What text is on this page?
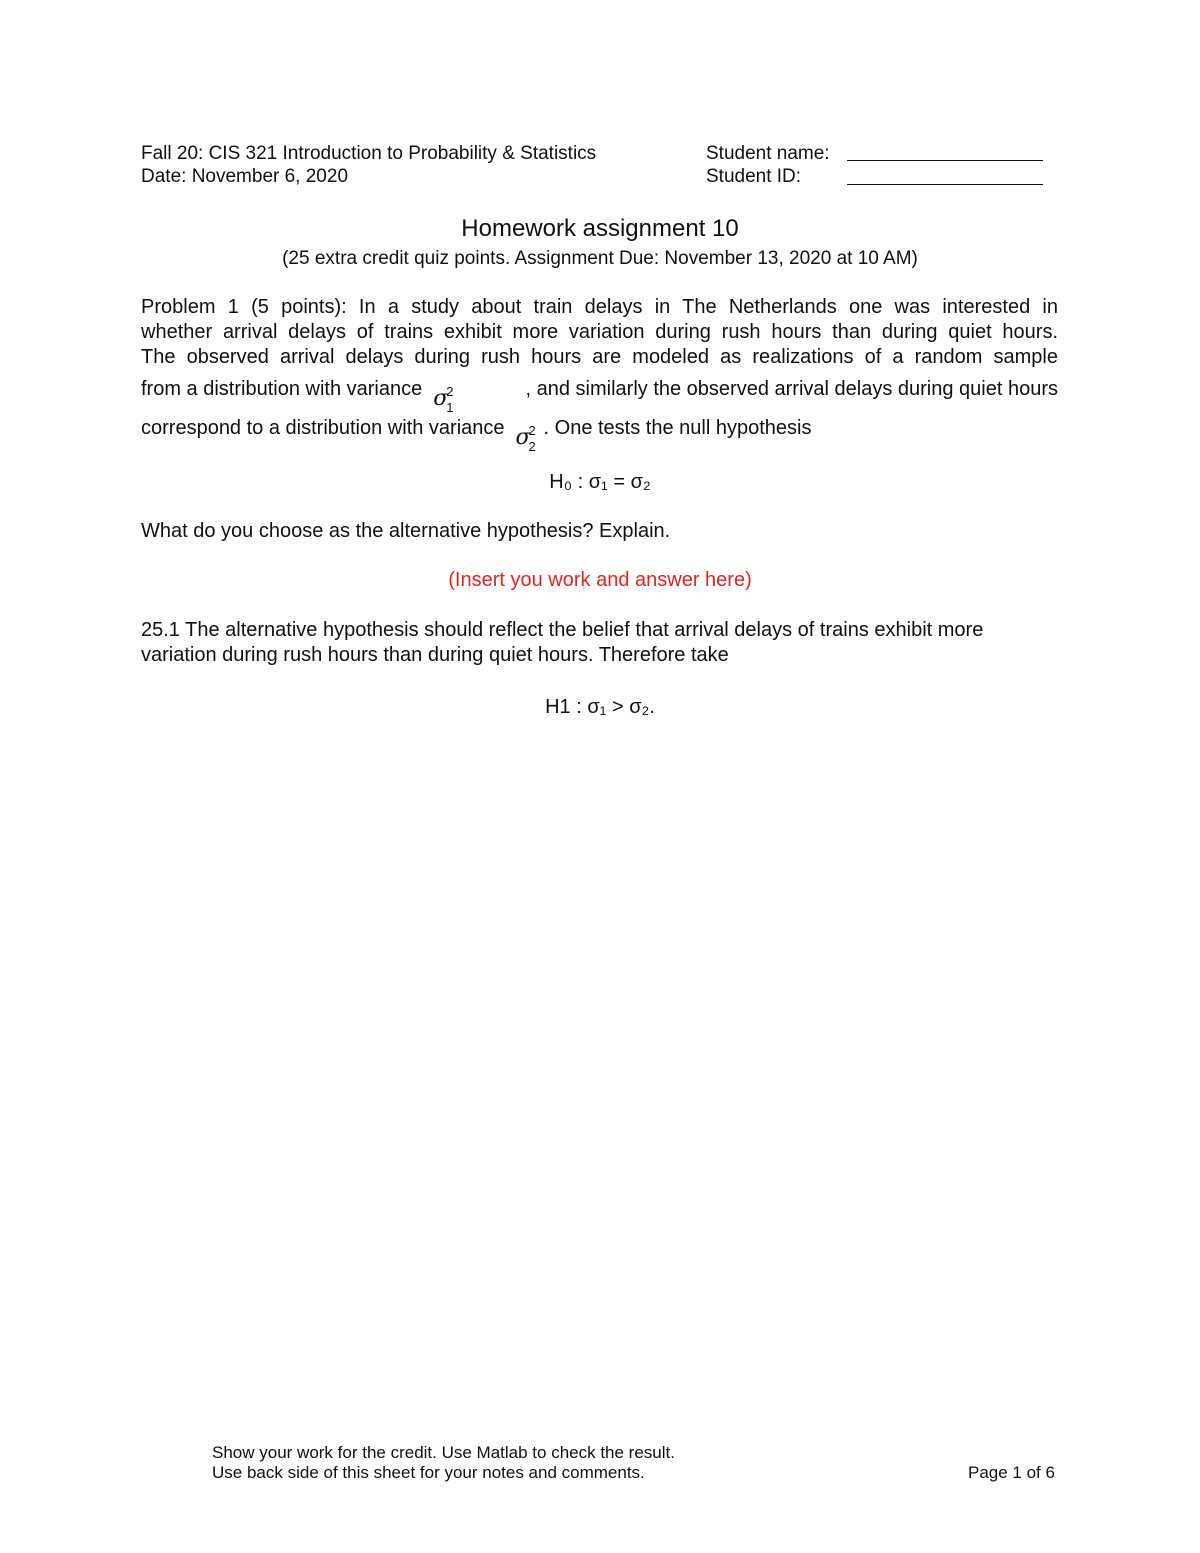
Fall 20: CIS 321 Introduction to Probability & Statistics
Date: November 6, 2020
Student name:
Student ID:
Homework assignment 10
(25 extra credit quiz points. Assignment Due: November 13, 2020 at 10 AM)
Problem 1 (5 points): In a study about train delays in The Netherlands one was interested in
whether arrival delays of trains exhibit more variation during rush hours than during quiet hours.
The observed arrival delays during rush hours are modeled as realizations of a random sample
from a distribution with variance σ
2
1
, and similarly the observed arrival delays during quiet hours
correspond to a distribution with variance σ
2
2
. One tests the null hypothesis
H₀ : σ₁ = σ₂
What do you choose as the alternative hypothesis? Explain.
(Insert you work and answer here)
25.1 The alternative hypothesis should reflect the belief that arrival delays of trains exhibit more
variation during rush hours than during quiet hours. Therefore take
H1 : σ₁ > σ₂.
Show your work for the credit. Use Matlab to check the result.
Use back side of this sheet for your notes and comments.	Page 1 of 6
